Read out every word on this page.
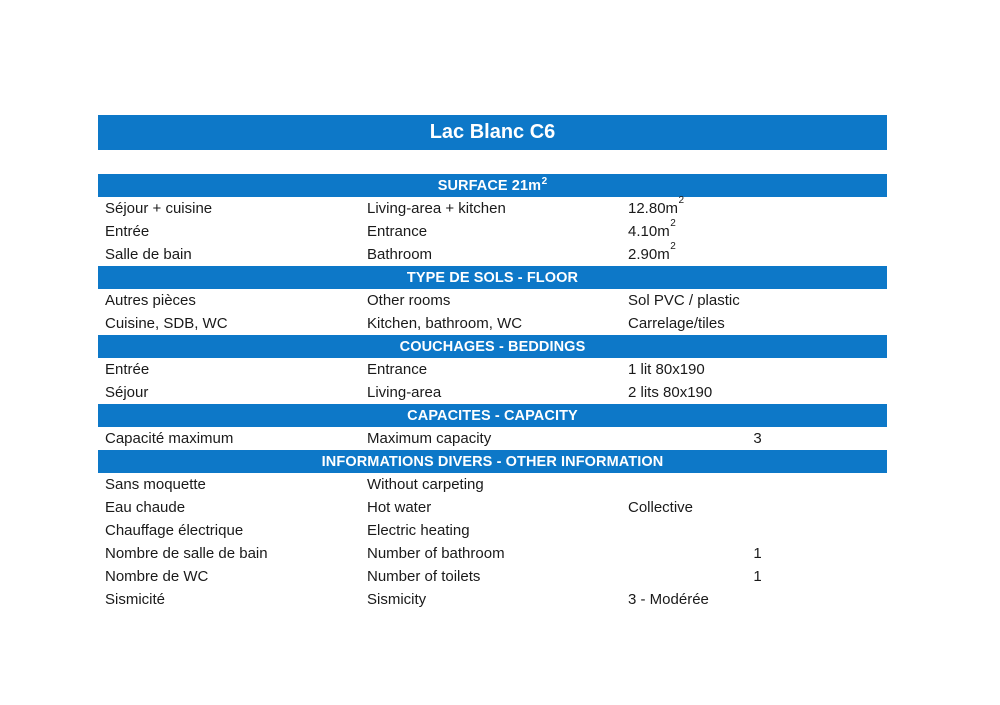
Lac Blanc C6
SURFACE $21m^2$
Séjour + cuisine	Living-area + kitchen	$12.80m^2$
Entrée	Entrance	$4.10m^2$
Salle de bain	Bathroom	$2.90m^2$
TYPE DE SOLS - FLOOR
Autres pièces	Other rooms	Sol PVC / plastic
Cuisine, SDB, WC	Kitchen, bathroom, WC	Carrelage/tiles
COUCHAGES - BEDDINGS
Entrée	Entrance	1 lit 80x190
Séjour	Living-area	2 lits 80x190
CAPACITES - CAPACITY
Capacité maximum	Maximum capacity	3
INFORMATIONS DIVERS - OTHER INFORMATION
Sans moquette	Without carpeting
Eau chaude	Hot water	Collective
Chauffage électrique	Electric heating
Nombre de salle de bain	Number of bathroom	1
Nombre de WC	Number of toilets	1
Sismicité	Sismicity	3 - Modérée
